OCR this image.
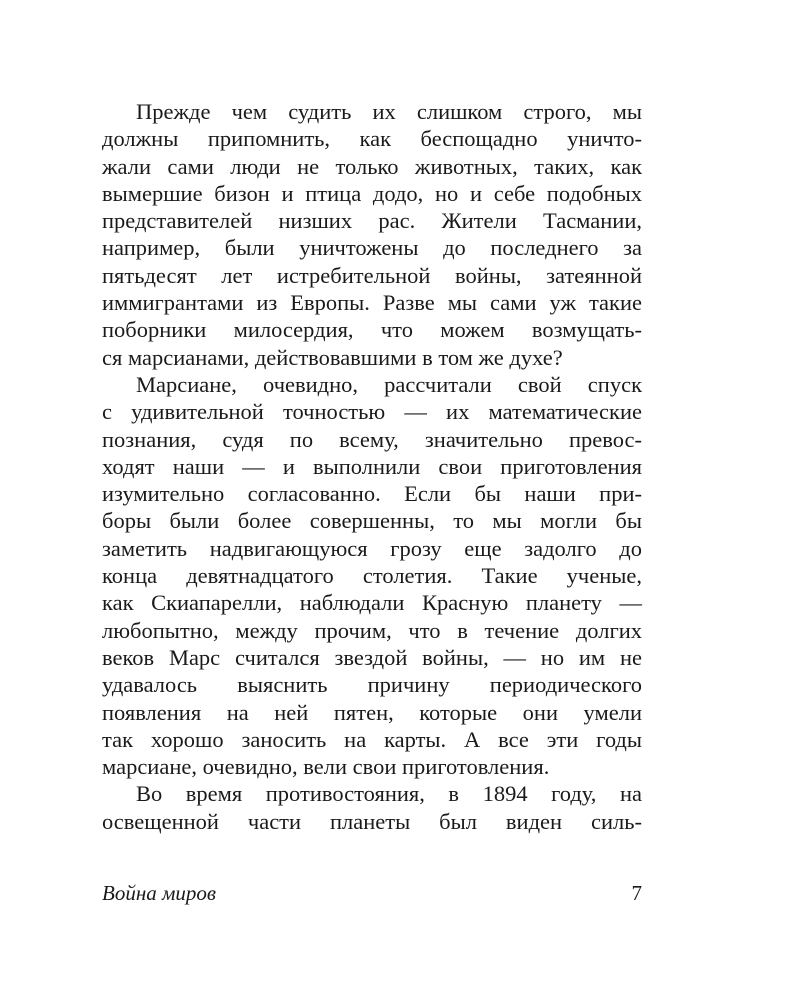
Прежде чем судить их слишком строго, мы
должны припомнить, как беспощадно уничто-
жали сами люди не только животных, таких, как
вымершие бизон и птица додо, но и себе подобных
представителей низших рас. Жители Тасмании,
например, были уничтожены до последнего за
пятьдесят лет истребительной войны, затеянной
иммигрантами из Европы. Разве мы сами уж такие
поборники милосердия, что можем возмущать-
ся марсианами, действовавшими в том же духе?
Марсиане, очевидно, рассчитали свой спуск
с удивительной точностью — их математические
познания, судя по всему, значительно превос-
ходят наши — и выполнили свои приготовления
изумительно согласованно. Если бы наши при-
боры были более совершенны, то мы могли бы
заметить надвигающуюся грозу еще задолго до
конца девятнадцатого столетия. Такие ученые,
как Скиапарелли, наблюдали Красную планету —
любопытно, между прочим, что в течение долгих
веков Марс считался звездой войны, — но им не
удавалось выяснить причину периодического
появления на ней пятен, которые они умели
так хорошо заносить на карты. А все эти годы
марсиане, очевидно, вели свои приготовления.
Во время противостояния, в 1894 году, на
освещенной части планеты был виден силь-
Война миров	7
